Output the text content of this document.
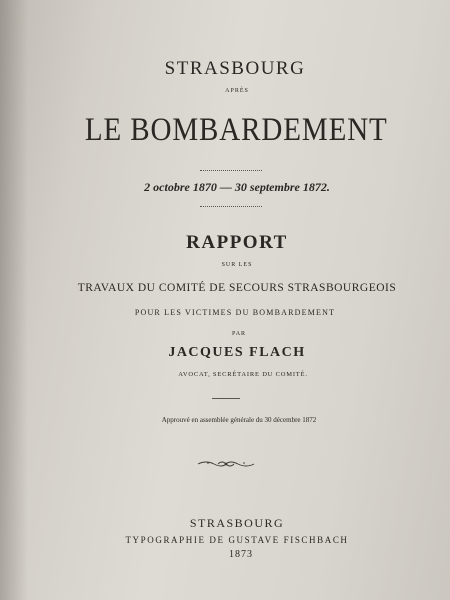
STRASBOURG
APRÈS
LE BOMBARDEMENT
2 octobre 1870 — 30 septembre 1872.
RAPPORT
SUR LES
TRAVAUX DU COMITÉ DE SECOURS STRASBOURGEOIS
POUR LES VICTIMES DU BOMBARDEMENT
PAR
JACQUES FLACH
AVOCAT, SECRÉTAIRE DU COMITÉ.
Approuvé en assemblée générale du 30 décembre 1872
STRASBOURG
TYPOGRAPHIE DE GUSTAVE FISCHBACH
1873
